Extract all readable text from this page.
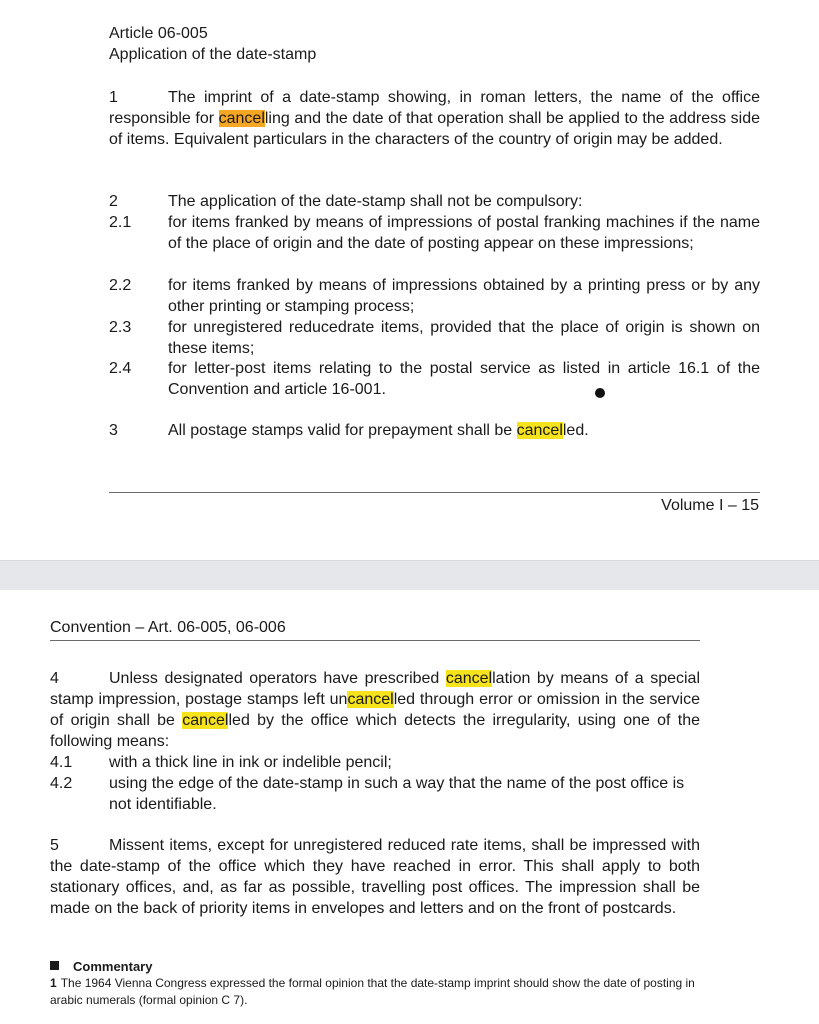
Article 06-005
Application of the date-stamp
1	The imprint of a date-stamp showing, in roman letters, the name of the office responsible for cancelling and the date of that operation shall be applied to the address side of items. Equivalent particulars in the characters of the country of origin may be added.
2	The application of the date-stamp shall not be compulsory:
2.1	for items franked by means of impressions of postal franking machines if the name of the place of origin and the date of posting appear on these impressions;
2.2	for items franked by means of impressions obtained by a printing press or by any other printing or stamping process;
2.3	for unregistered reducedrate items, provided that the place of origin is shown on these items;
2.4	for letter-post items relating to the postal service as listed in article 16.1 of the Convention and article 16-001.
3	All postage stamps valid for prepayment shall be cancelled.
Volume I – 15
Convention – Art. 06-005, 06-006
4	Unless designated operators have prescribed cancellation by means of a special stamp impression, postage stamps left uncancelled through error or omission in the service of origin shall be cancelled by the office which detects the irregularity, using one of the following means:
4.1	with a thick line in ink or indelible pencil;
4.2	using the edge of the date-stamp in such a way that the name of the post office is not identifiable.
5	Missent items, except for unregistered reduced rate items, shall be impressed with the date-stamp of the office which they have reached in error. This shall apply to both stationary offices, and, as far as possible, travelling post offices. The impression shall be made on the back of priority items in envelopes and letters and on the front of postcards.
Commentary
1 The 1964 Vienna Congress expressed the formal opinion that the date-stamp imprint should show the date of posting in arabic numerals (formal opinion C 7).
